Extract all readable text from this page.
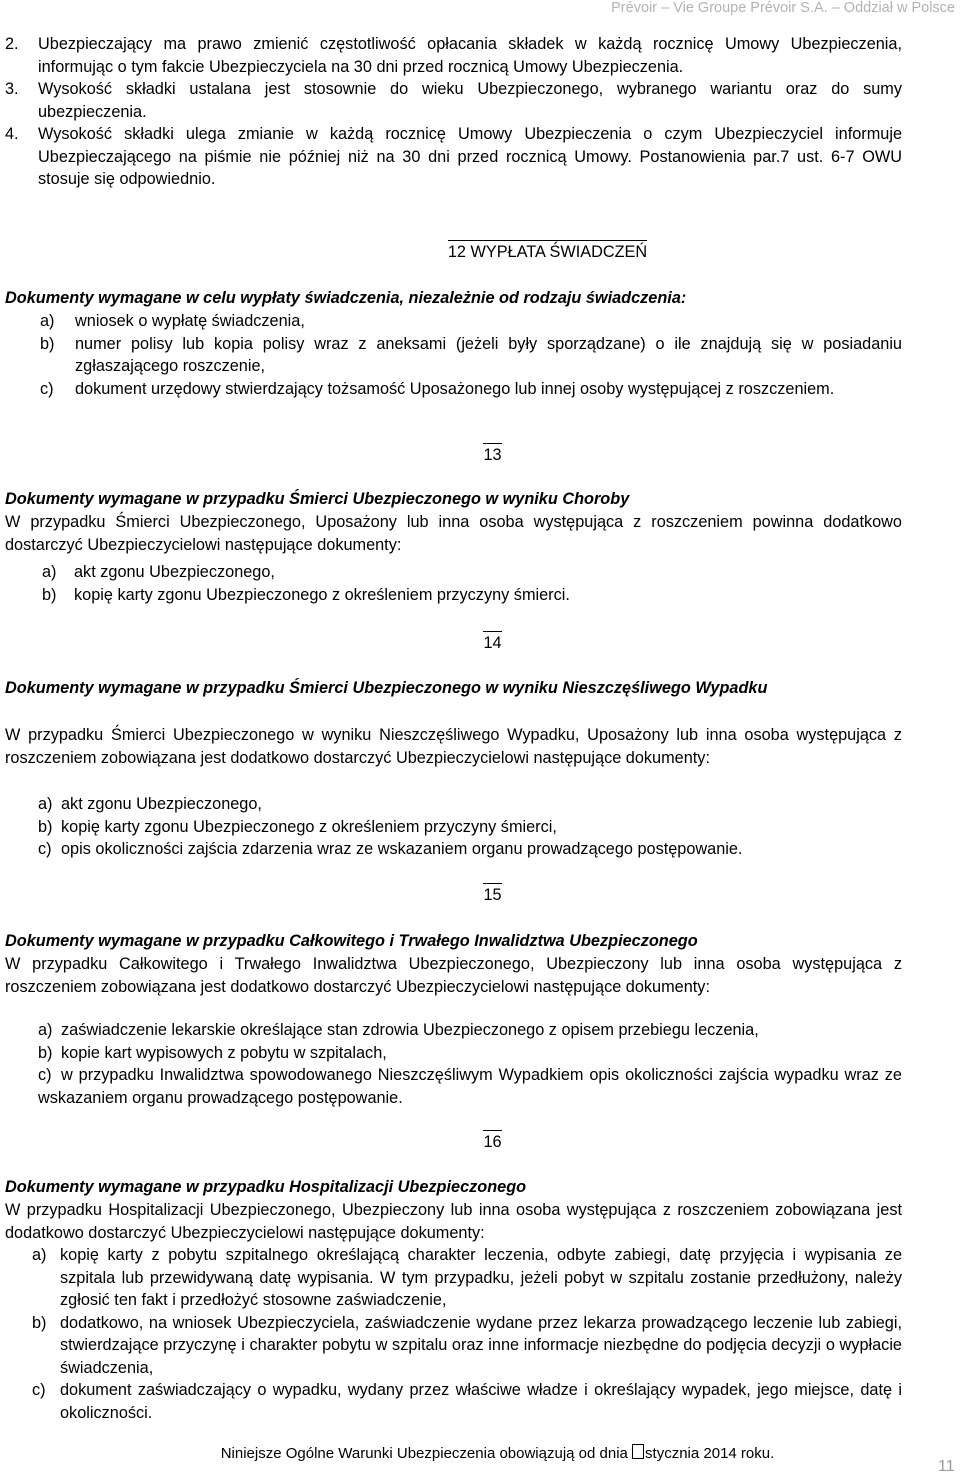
Prévoir – Vie Groupe Prévoir S.A. – Oddział w Polsce
2. Ubezpieczający ma prawo zmienić częstotliwość opłacania składek w każdą rocznicę Umowy Ubezpieczenia, informując o tym fakcie Ubezpieczyciela na 30 dni przed rocznicą Umowy Ubezpieczenia.

3. Wysokość składki ustalana jest stosownie do wieku Ubezpieczonego, wybranego wariantu oraz do sumy ubezpieczenia.

4. Wysokość składki ulega zmianie w każdą rocznicę Umowy Ubezpieczenia o czym Ubezpieczyciel informuje Ubezpieczającego na piśmie nie później niż na 30 dni przed rocznicą Umowy. Postanowienia par.7 ust. 6-7 OWU stosuje się odpowiednio.

12 WYPŁATA ŚWIADCZEŃ
Dokumenty wymagane w celu wypłaty świadczenia, niezależnie od rodzaju świadczenia:
a) wniosek o wypłatę świadczenia,

b) numer polisy lub kopia polisy wraz z aneksami (jeżeli były sporządzane) o ile znajdują się w posiadaniu zgłaszającego roszczenie,

c) dokument urzędowy stwierdzający tożsamość Uposażonego lub innej osoby występującej z roszczeniem.

13
Dokumenty wymagane w przypadku Śmierci Ubezpieczonego w wyniku Choroby
W przypadku Śmierci Ubezpieczonego, Uposażony lub inna osoba występująca z roszczeniem powinna dodatkowo dostarczyć Ubezpieczycielowi następujące dokumenty:
a) akt zgonu Ubezpieczonego,

b) kopię karty zgonu Ubezpieczonego z określeniem przyczyny śmierci.

14
Dokumenty wymagane w przypadku Śmierci Ubezpieczonego w wyniku Nieszczęśliwego Wypadku
W przypadku Śmierci Ubezpieczonego w wyniku Nieszczęśliwego Wypadku, Uposażony lub inna osoba występująca z roszczeniem zobowiązana jest dodatkowo dostarczyć Ubezpieczycielowi następujące dokumenty:
a) akt zgonu Ubezpieczonego,

b) kopię karty zgonu Ubezpieczonego z określeniem przyczyny śmierci,

c) opis okoliczności zajścia zdarzenia wraz ze wskazaniem organu prowadzącego postępowanie.

15
Dokumenty wymagane w przypadku Całkowitego i Trwałego Inwalidztwa Ubezpieczonego
W przypadku Całkowitego i Trwałego Inwalidztwa Ubezpieczonego, Ubezpieczony lub inna osoba występująca z roszczeniem zobowiązana jest dodatkowo dostarczyć Ubezpieczycielowi następujące dokumenty:
a) zaświadczenie lekarskie określające stan zdrowia Ubezpieczonego z opisem przebiegu leczenia,

b) kopie kart wypisowych z pobytu w szpitalach,

c) w przypadku Inwalidztwa spowodowanego Nieszczęśliwym Wypadkiem opis okoliczności zajścia wypadku wraz ze wskazaniem organu prowadzącego postępowanie.

16
Dokumenty wymagane w przypadku Hospitalizacji Ubezpieczonego
W przypadku Hospitalizacji Ubezpieczonego, Ubezpieczony lub inna osoba występująca z roszczeniem zobowiązana jest dodatkowo dostarczyć Ubezpieczycielowi następujące dokumenty:
a) kopię karty z pobytu szpitalnego określającą charakter leczenia, odbyte zabiegi, datę przyjęcia i wypisania ze szpitala lub przewidywaną datę wypisania. W tym przypadku, jeżeli pobyt w szpitalu zostanie przedłużony, należy zgłosić ten fakt i przedłożyć stosowne zaświadczenie,

b) dodatkowo, na wniosek Ubezpieczyciela, zaświadczenie wydane przez lekarza prowadzącego leczenie lub zabiegi, stwierdzające przyczynę i charakter pobytu w szpitalu oraz inne informacje niezbędne do podjęcia decyzji o wypłacie świadczenia,

c) dokument zaświadczający o wypadku, wydany przez właściwe władze i określający wypadek, jego miejsce, datę i okoliczności.

Niniejsze Ogólne Warunki Ubezpieczenia obowiązują od dnia stycznia 2014 roku.
11
